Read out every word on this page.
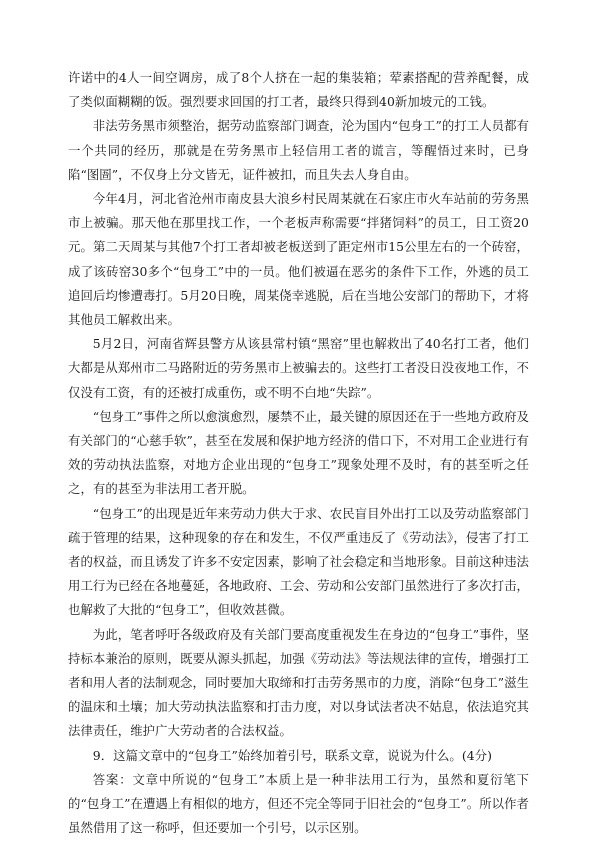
许诺中的4人一间空调房，成了8个人挤在一起的集装箱；荤素搭配的营养配餐，成了类似面糊糊的饭。强烈要求回国的打工者，最终只得到40新加坡元的工钱。

非法劳务黑市须整治，据劳动监察部门调查，沦为国内“包身工”的打工人员都有一个共同的经历，那就是在劳务黑市上轻信用工者的谎言，等醒悟过来时，已身陷“图圄”，不仅身上分文皆无，证件被扣，而且失去人身自由。

今年4月，河北省沧州市南皮县大浪乡村民周某就在石家庄市火车站前的劳务黑市上被骗。那天他在那里找工作，一个老板声称需要“拌猪饲料”的员工，日工资20元。第二天周某与其他7个打工者却被老板送到了距定州市15公里左右的一个砖窑，成了该砖窑30多个“包身工”中的一员。他们被逼在恶劣的条件下工作，外逃的员工追回后均惨遭毒打。5月20日晚，周某侥幸逃脱，后在当地公安部门的帮助下，才将其他员工解救出来。

5月2日，河南省辉县警方从该县常村镇“黑窑”里也解救出了40名打工者，他们大都是从郑州市二马路附近的劳务黑市上被骗去的。这些打工者没日没夜地工作，不仅没有工资，有的还被打成重伤，或不明不白地“失踪”。

“包身工”事件之所以愈演愈烈，屡禁不止，最关键的原因还在于一些地方政府及有关部门的“心慈手软”，甚至在发展和保护地方经济的借口下，不对用工企业进行有效的劳动执法监察，对地方企业出现的“包身工”现象处理不及时，有的甚至听之任之，有的甚至为非法用工者开脱。

“包身工”的出现是近年来劳动力供大于求、农民盲目外出打工以及劳动监察部门疏于管理的结果，这种现象的存在和发生，不仅严重违反了《劳动法》，侵害了打工者的权益，而且诱发了许多不安定因素，影响了社会稳定和当地形象。目前这种违法用工行为已经在各地蔓延，各地政府、工会、劳动和公安部门虽然进行了多次打击，也解救了大批的“包身工”，但收效甚微。

为此，笔者呼吁各级政府及有关部门要高度重视发生在身边的“包身工”事件，坚持标本兼治的原则，既要从源头抓起，加强《劳动法》等法规法律的宣传，增强打工者和用人者的法制观念，同时要加大取缔和打击劳务黑市的力度，消除“包身工”滋生的温床和土壤；加大劳动执法监察和打击力度，对以身试法者决不姑息，依法追究其法律责任，维护广大劳动者的合法权益。

9．这篇文章中的“包身工”始终加着引号，联系文章，说说为什么。(4分)

答案：文章中所说的“包身工”本质上是一种非法用工行为，虽然和夏衍笔下的“包身工”在遭遇上有相似的地方，但还不完全等同于旧社会的“包身工”。所以作者虽然借用了这一称呼，但还要加一个引号，以示区别。
